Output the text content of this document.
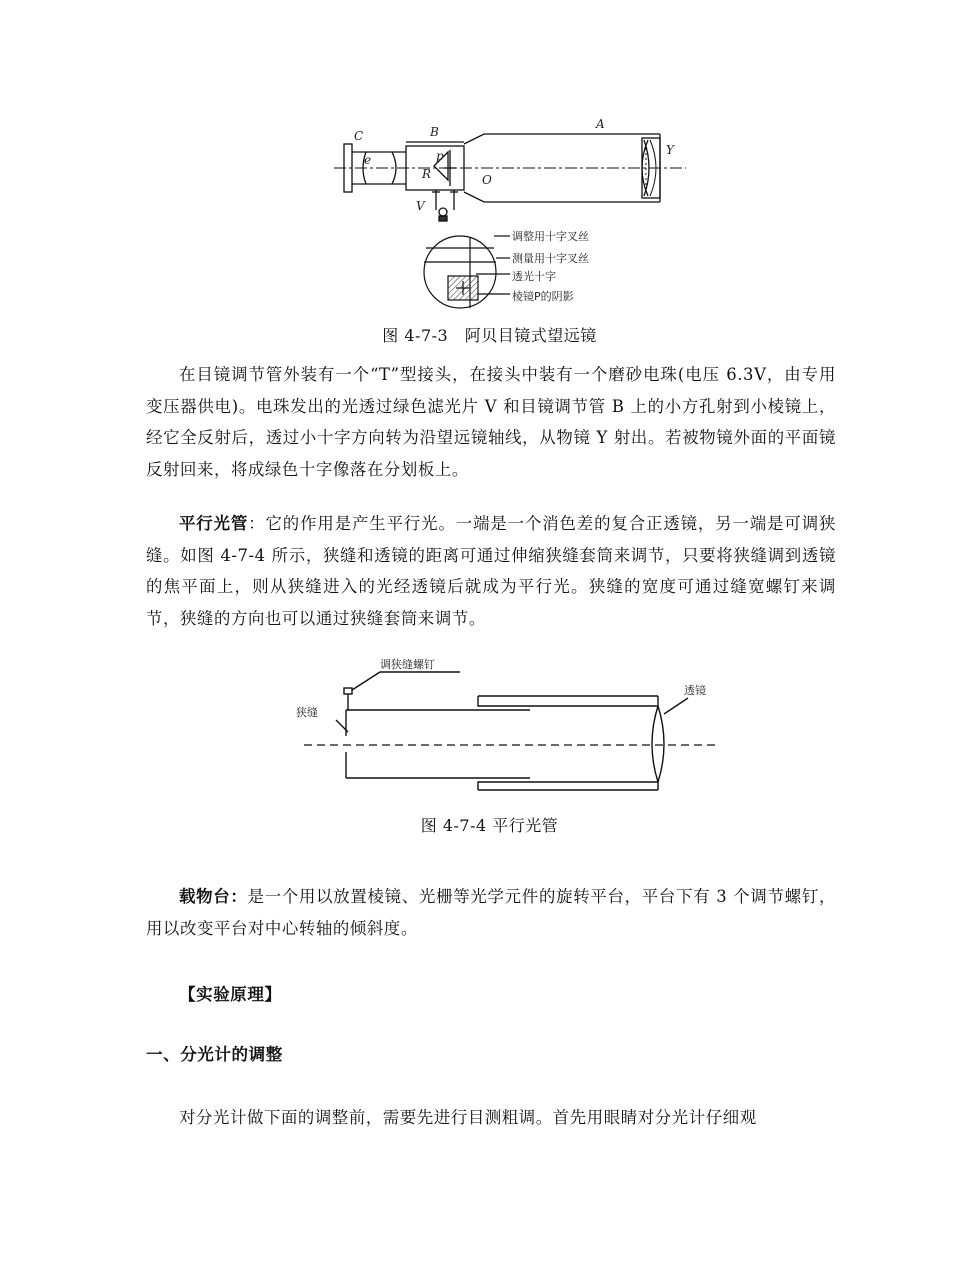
C	B
A
e	p
R	O
V
Y
调整用十字叉丝
测量用十字叉丝
透光十字
棱镜P的阴影
图 4-7-3　阿贝目镜式望远镜
在目镜调节管外装有一个“T”型接头，在接头中装有一个磨砂电珠(电压 6.3V，由专用变压器供电)。电珠发出的光透过绿色滤光片 V 和目镜调节管 B 上的小方孔射到小棱镜上，经它全反射后，透过小十字方向转为沿望远镜轴线，从物镜 Y 射出。若被物镜外面的平面镜反射回来，将成绿色十字像落在分划板上。
平行光管：它的作用是产生平行光。一端是一个消色差的复合正透镜，另一端是可调狭缝。如图 4-7-4 所示，狭缝和透镜的距离可通过伸缩狭缝套筒来调节，只要将狭缝调到透镜的焦平面上，则从狭缝进入的光经透镜后就成为平行光。狭缝的宽度可通过缝宽螺钉来调节，狭缝的方向也可以通过狭缝套筒来调节。
调狭缝螺钉
狭缝
透镜
图 4-7-4 平行光管
载物台：是一个用以放置棱镜、光栅等光学元件的旋转平台，平台下有 3 个调节螺钉，用以改变平台对中心转轴的倾斜度。
【实验原理】
一、分光计的调整
对分光计做下面的调整前，需要先进行目测粗调。首先用眼睛对分光计仔细观
